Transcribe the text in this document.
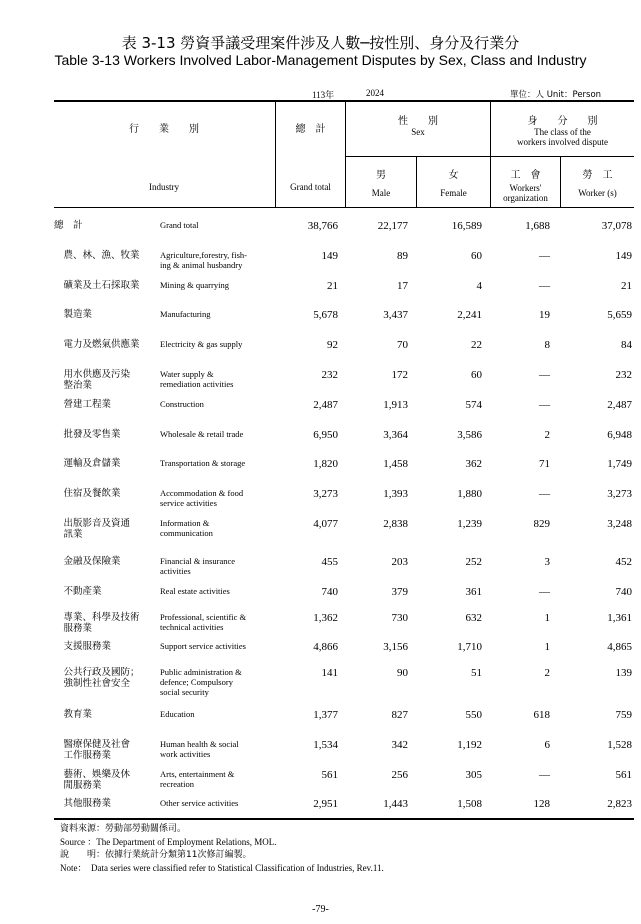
表 3-13 勞資爭議受理案件涉及人數─按性別、身分及行業分
Table 3-13 Workers Involved Labor-Management Disputes by Sex, Class and Industry
113年	2024	單位：人 Unit：Person
行　　業　　別
Industry
總　計
Grand total
性　　別
Sex
男
Male
女
Female
身　　分　　別
The class of the
workers involved dispute
工　會
Workers'
organization
勞　工
Worker (s)
總　計	Grand total	38,766	22,177	16,589	1,688	37,078
　農、林、漁、牧業	Agriculture,forestry, fish-
ing & animal husbandry
149	89	60	—	149
　礦業及土石採取業	Mining & quarrying	21	17	4	—	21
　製造業	Manufacturing	5,678	3,437	2,241	19	5,659
　電力及燃氣供應業	Electricity & gas supply	92	70	22	8	84
　用水供應及污染
　整治業
Water supply &
remediation activities
232	172	60	—	232
　營建工程業	Construction	2,487	1,913	574	—	2,487
　批發及零售業	Wholesale & retail trade	6,950	3,364	3,586	2	6,948
　運輸及倉儲業	Transportation & storage	1,820	1,458	362	71	1,749
　住宿及餐飲業	Accommodation & food
service activities
3,273	1,393	1,880	—	3,273
　出版影音及資通
　訊業
Information &
communication
4,077	2,838	1,239	829	3,248
　金融及保險業	Financial & insurance
activities
455	203	252	3	452
　不動產業	Real estate activities	740	379	361	—	740
　專業、科學及技術
　服務業
Professional, scientific &
technical activities
1,362	730	632	1	1,361
　支援服務業	Support service activities	4,866	3,156	1,710	1	4,865
　公共行政及國防；
　強制性社會安全
Public administration &
defence; Compulsory
social security
141	90	51	2	139
　教育業	Education	1,377	827	550	618	759
　醫療保健及社會
　工作服務業
Human health & social
work activities
1,534	342	1,192	6	1,528
　藝術、娛樂及休
　閒服務業
Arts, entertainment &
recreation
561	256	305	—	561
　其他服務業	Other service activities	2,951	1,443	1,508	128	2,823
資料來源：勞動部勞動關係司。
Source ：The Department of Employment Relations, MOL.
說　　明：依據行業統計分類第11次修訂編製。
Note：  Data series were classified refer to Statistical Classification of Industries, Rev.11.
-79-
